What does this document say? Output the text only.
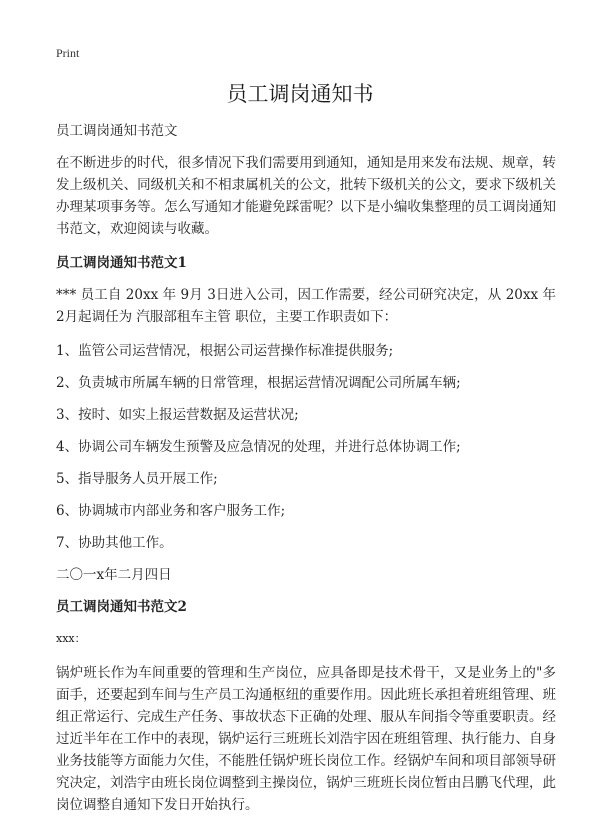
Print
员工调岗通知书

员工调岗通知书范文

在不断进步的时代，很多情况下我们需要用到通知，通知是用来发布法规、规章，转发上级机关、同级机关和不相隶属机关的公文，批转下级机关的公文，要求下级机关办理某项事务等。怎么写通知才能避免踩雷呢？以下是小编收集整理的员工调岗通知书范文，欢迎阅读与收藏。

员工调岗通知书范文1

*** 员工自 20xx 年 9月 3日进入公司，因工作需要，经公司研究决定，从 20xx 年 2月起调任为 汽服部租车主管 职位，主要工作职责如下：

1、监管公司运营情况，根据公司运营操作标准提供服务;

2、负责城市所属车辆的日常管理，根据运营情况调配公司所属车辆;

3、按时、如实上报运营数据及运营状况;

4、协调公司车辆发生预警及应急情况的处理，并进行总体协调工作;

5、指导服务人员开展工作;

6、协调城市内部业务和客户服务工作;

7、协助其他工作。

二〇一x年二月四日

员工调岗通知书范文2

xxx：

锅炉班长作为车间重要的管理和生产岗位，应具备即是技术骨干，又是业务上的"多面手，还要起到车间与生产员工沟通枢纽的重要作用。因此班长承担着班组管理、班组正常运行、完成生产任务、事故状态下正确的处理、服从车间指令等重要职责。经过近半年在工作中的表现，锅炉运行三班班长刘浩宇因在班组管理、执行能力、自身业务技能等方面能力欠佳，不能胜任锅炉班长岗位工作。经锅炉车间和项目部领导研究决定，刘浩宇由班长岗位调整到主操岗位，锅炉三班班长岗位暂由吕鹏飞代理，此岗位调整自通知下发日开始执行。
